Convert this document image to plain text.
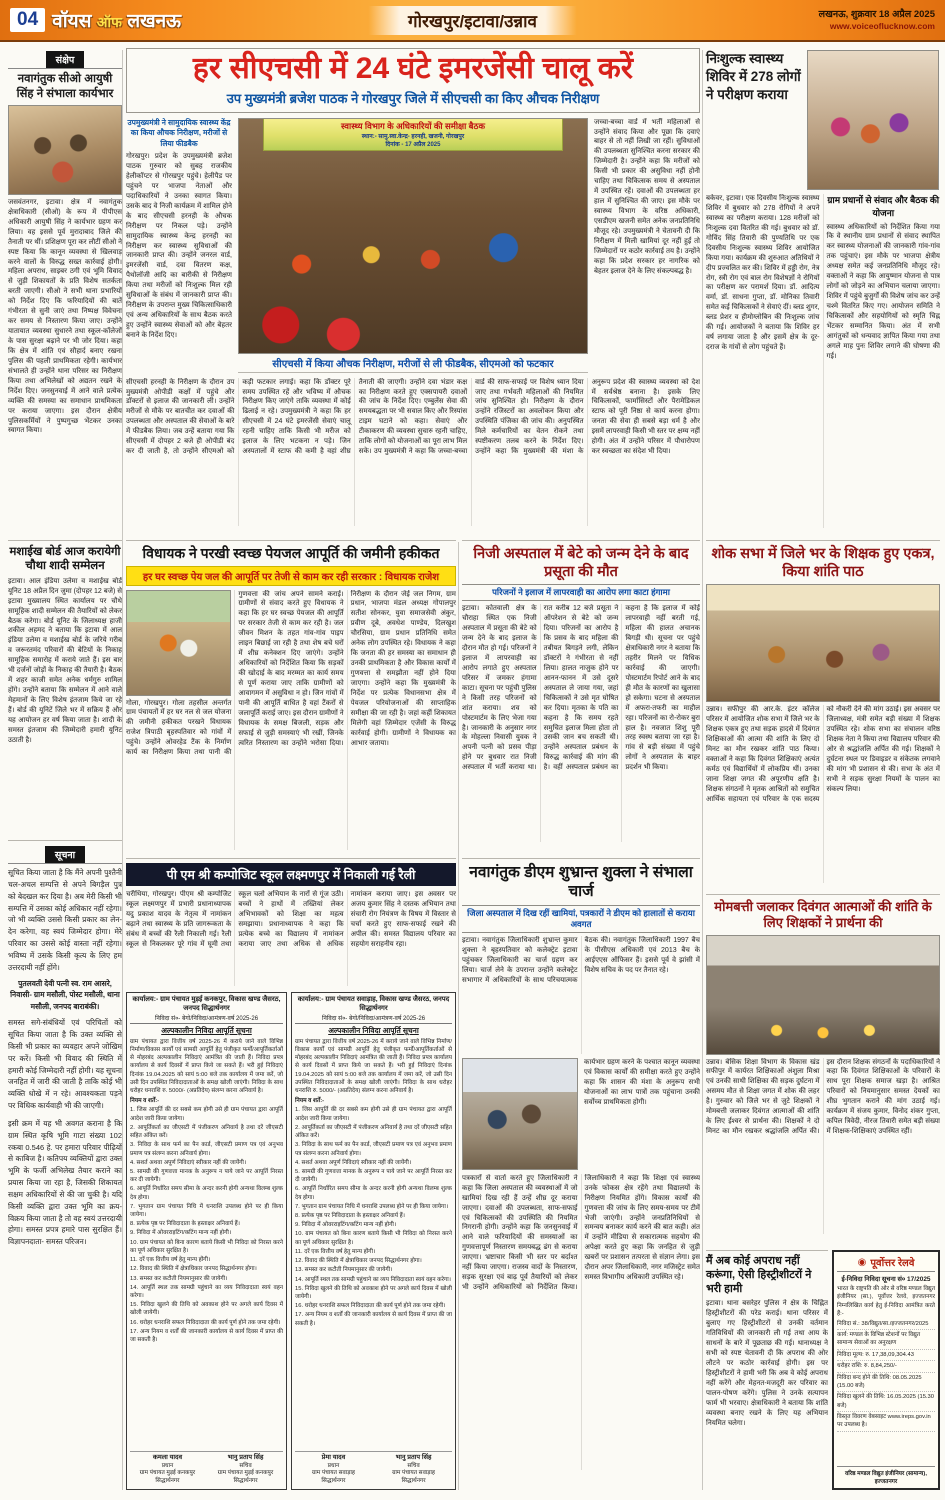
04 वॉयस ऑफ लखनऊ	गोरखपुर/इटावा/उन्नाव	लखनऊ, शुक्रवार 18 अप्रैल 2025
www.voiceoflucknow.com
संक्षेप
नवागंतुक सीओ आयुषी सिंह ने संभाला कार्यभार
जसवंतनगर, इटावा। क्षेत्र में नवागंतुक क्षेत्राधिकारी (सीओ) के रूप में पीपीएस अधिकारी आयुषी सिंह ने कार्यभार ग्रहण कर लिया। वह इससे पूर्व मुरादाबाद जिले की तैनाती पर थीं। प्रशिक्षण पूरा कर लौटीं सीओ ने स्पष्ट किया कि कानून व्यवस्था से खिलवाड़ करने वालों के विरुद्ध सख्त कार्रवाई होगी। महिला अपराध, साइबर ठगी एवं भूमि विवाद से जुड़ी शिकायतों के प्रति विशेष सतर्कता बरती जाएगी। सीओ ने सभी थाना प्रभारियों को निर्देश दिए कि फरियादियों की बातें गंभीरता से सुनी जाएं तथा निष्पक्ष विवेचना कर समय से निस्तारण किया जाए। उन्होंने यातायात व्यवस्था सुधारने तथा स्कूल-कॉलेजों के पास सुरक्षा बढ़ाने पर भी जोर दिया। कहा कि क्षेत्र में शांति एवं सौहार्द बनाए रखना पुलिस की पहली प्राथमिकता रहेगी। कार्यभार संभालते ही उन्होंने थाना परिसर का निरीक्षण किया तथा अभिलेखों को अद्यतन रखने के निर्देश दिए। जनसुनवाई में आने वाले प्रत्येक व्यक्ति की समस्या का समाधान प्राथमिकता पर कराया जाएगा। इस दौरान क्षेत्रीय पुलिसकर्मियों ने पुष्पगुच्छ भेंटकर उनका स्वागत किया।
मशाईख बोर्ड आज करायेगी चौथा शादी सम्मेलन
इटावा। आल इंडिया उलेमा व मशाईख बोर्ड यूनिट 18 अप्रैल दिन जुमा (दोपहर 12 बजे) से इटावा मुख्यालय स्थित कार्यालय पर चौथे सामूहिक शादी सम्मेलन की तैयारियों को लेकर बैठक करेगा। बोर्ड यूनिट के जिलाध्यक्ष हाजी शकील अहमद ने बताया कि इटावा में आल इंडिया उलेमा व मशाईख बोर्ड के जरिये गरीब व जरूरतमंद परिवारों की बेटियों के निकाह सामूहिक समारोह में कराये जाते हैं। इस बार भी दर्जनों जोड़ों के निकाह की तैयारी है। बैठक में शहर काजी समेत अनेक धर्मगुरु शामिल होंगे। उन्होंने बताया कि सम्मेलन में आने वाले मेहमानों के लिए विशेष इंतजाम किये जा रहे हैं। बोर्ड की यूनिटें जिले भर में सक्रिय हैं और यह आयोजन हर वर्ष किया जाता है। शादी के समस्त इंतजाम की जिम्मेदारी हमारी यूनिट उठाती है।
सूचना
सूचित किया जाता है कि मैंने अपनी पुश्तैनी चल-अचल सम्पत्ति से अपने बिगड़ैल पुत्र को बेदखल कर दिया है। अब मेरी किसी भी सम्पत्ति में उसका कोई अधिकार नहीं रहेगा। जो भी व्यक्ति उससे किसी प्रकार का लेन-देन करेगा, वह स्वयं जिम्मेदार होगा। मेरे परिवार का उससे कोई वास्ता नहीं रहेगा। भविष्य में उसके किसी कृत्य के लिए हम उत्तरदायी नहीं होंगे।
पुतलवती देवी पत्नी स्व. राम आसरे, निवासी- ग्राम मसौली, पोस्ट मसौली, थाना मसौली, जनपद बाराबंकी।
समस्त सगे-संबंधियों एवं परिचितों को सूचित किया जाता है कि उक्त व्यक्ति से किसी भी प्रकार का व्यवहार अपने जोखिम पर करें। किसी भी विवाद की स्थिति में हमारी कोई जिम्मेदारी नहीं होगी। यह सूचना जनहित में जारी की जाती है ताकि कोई भी व्यक्ति धोखे में न रहे। आवश्यकता पड़ने पर विधिक कार्यवाही भी की जाएगी।
इसी क्रम में यह भी अवगत कराना है कि ग्राम स्थित कृषि भूमि गाटा संख्या 102 रकबा 0.546 हे. पर हमारा परिवार पीढ़ियों से काबिज है। कतिपय व्यक्तियों द्वारा उक्त भूमि के फर्जी अभिलेख तैयार कराने का प्रयास किया जा रहा है, जिसकी शिकायत सक्षम अधिकारियों से की जा चुकी है। यदि किसी व्यक्ति द्वारा उक्त भूमि का क्रय-विक्रय किया जाता है तो वह स्वयं उत्तरदायी होगा। समस्त प्रपत्र हमारे पास सुरक्षित हैं। विज्ञापनदाता- समस्त परिजन।
हर सीएचसी में 24 घंटे इमरजेंसी चालू करें
उप मुख्यमंत्री ब्रजेश पाठक ने गोरखपुर जिले में सीएचसी का किए औचक निरीक्षण
उपमुख्यमंत्री ने सामुदायिक स्वास्थ्य केंद्र का किया औचक निरीक्षण, मरीजों से लिया फीडबैक
गोरखपुर। प्रदेश के उपमुख्यमंत्री ब्रजेश पाठक गुरुवार को सुबह राजकीय हेलीकॉप्टर से गोरखपुर पहुंचे। हेलीपैड पर पहुंचने पर भाजपा नेताओं और पदाधिकारियों ने उनका स्वागत किया। उसके बाद वे निजी कार्यक्रम में शामिल होने के बाद सीएचसी हरनही के औचक निरीक्षण पर निकल पड़े। उन्होंने सामुदायिक स्वास्थ्य केन्द्र हरनही का निरीक्षण कर स्वास्थ्य सुविधाओं की जानकारी प्राप्त की। उन्होंने जनरल वार्ड, इमरजेंसी वार्ड, दवा वितरण कक्ष, पैथोलॉजी आदि का बारीकी से निरीक्षण किया तथा मरीजों को निःशुल्क मिल रही सुविधाओं के संबंध में जानकारी प्राप्त की। निरीक्षण के उपरान्त मुख्य चिकित्साधिकारी एवं अन्य अधिकारियों के साथ बैठक करते हुए उन्होंने स्वास्थ्य सेवाओं को और बेहतर बनाने के निर्देश दिए।
स्वास्थ्य विभाग के अधिकारियों की समीक्षा बैठक
स्थान:- सामु.स्वा.केन्द्र- हरनही, खजनी, गोरखपुर
दिनांक - 17 अप्रैल 2025
सीएचसी में किया औचक निरीक्षण, मरीजों से ली फीडबैक, सीएमओ को फटकार
जच्चा-बच्चा वार्ड में भर्ती महिलाओं से उन्होंने संवाद किया और पूछा कि दवाएं बाहर से तो नहीं लिखी जा रहीं। सुविधाओं की उपलब्धता सुनिश्चित करना सरकार की जिम्मेदारी है। उन्होंने कहा कि मरीजों को किसी भी प्रकार की असुविधा नहीं होनी चाहिए तथा चिकित्सक समय से अस्पताल में उपस्थित रहें। दवाओं की उपलब्धता हर हाल में सुनिश्चित की जाए। इस मौके पर स्वास्थ्य विभाग के वरिष्ठ अधिकारी, एसडीएम खजनी समेत अनेक जनप्रतिनिधि मौजूद रहे। उपमुख्यमंत्री ने चेतावनी दी कि निरीक्षण में मिली खामियां दूर नहीं हुईं तो जिम्मेदारों पर कठोर कार्रवाई तय है। उन्होंने कहा कि प्रदेश सरकार हर नागरिक को बेहतर इलाज देने के लिए संकल्पबद्ध है।
सीएचसी हरनही के निरीक्षण के दौरान उप मुख्यमंत्री ओपीडी कक्षों में पहुंचे और डॉक्टरों से इलाज की जानकारी ली। उन्होंने मरीजों से मौके पर बातचीत कर दवाओं की उपलब्धता और अस्पताल की सेवाओं के बारे में फीडबैक लिया। जब उन्हें बताया गया कि सीएचसी में दोपहर 2 बजे ही ओपीडी बंद कर दी जाती है, तो उन्होंने सीएमओ को कड़ी फटकार लगाई। कहा कि डॉक्टर पूरे समय उपस्थित रहें और भविष्य में औचक निरीक्षण किए जाएंगे ताकि व्यवस्था में कोई ढिलाई न रहे। उपमुख्यमंत्री ने कहा कि हर सीएचसी में 24 घंटे इमरजेंसी सेवाएं चालू रहनी चाहिए ताकि किसी भी मरीज को इलाज के लिए भटकना न पड़े। जिन अस्पतालों में स्टाफ की कमी है वहां शीघ्र तैनाती की जाएगी। उन्होंने दवा भंडार कक्ष का निरीक्षण करते हुए एक्सपायरी दवाओं की जांच के निर्देश दिए। एम्बुलेंस सेवा की समयबद्धता पर भी सवाल किए और रिस्पांस टाइम घटाने को कहा। सेवाएं और टीकाकरण की व्यवस्था सुचारु रहनी चाहिए, ताकि लोगों को योजनाओं का पूरा लाभ मिल सके। उप मुख्यमंत्री ने कहा कि जच्चा-बच्चा वार्ड की साफ-सफाई पर विशेष ध्यान दिया जाए तथा गर्भवती महिलाओं की नियमित जांच सुनिश्चित हो। निरीक्षण के दौरान उन्होंने रजिस्टरों का अवलोकन किया और उपस्थिति पंजिका की जांच की। अनुपस्थित मिले कर्मचारियों का वेतन रोकने तथा स्पष्टीकरण तलब करने के निर्देश दिए। उन्होंने कहा कि मुख्यमंत्री की मंशा के अनुरूप प्रदेश की स्वास्थ्य व्यवस्था को देश में सर्वश्रेष्ठ बनाना है। इसके लिए चिकित्सकों, फार्मासिस्टों और पैरामेडिकल स्टाफ को पूरी निष्ठा से कार्य करना होगा। जनता की सेवा ही सबसे बड़ा धर्म है और इसमें लापरवाही किसी भी स्तर पर क्षम्य नहीं होगी। अंत में उन्होंने परिसर में पौधारोपण कर स्वच्छता का संदेश भी दिया।
निःशुल्क स्वास्थ्य शिविर में 278 लोगों ने परीक्षण कराया
बकेवर, इटावा। एक दिवसीय निःशुल्क स्वास्थ्य शिविर में बुधवार को 278 रोगियों ने अपने स्वास्थ्य का परीक्षण कराया। 128 मरीजों को निःशुल्क दवा वितरित की गई। बुधवार को डॉ. गोविंद सिंह तिवारी की पुण्यतिथि पर एक दिवसीय निःशुल्क स्वास्थ्य शिविर आयोजित किया गया। कार्यक्रम की शुरुआत अतिथियों ने दीप प्रज्वलित कर की। शिविर में हड्डी रोग, नेत्र रोग, स्त्री रोग एवं बाल रोग विशेषज्ञों ने रोगियों का परीक्षण कर परामर्श दिया। डॉ. आदित्य वर्मा, डॉ. साधना गुप्ता, डॉ. मोनिका तिवारी समेत कई चिकित्सकों ने सेवाएं दीं। ब्लड शुगर, ब्लड प्रेशर व हीमोग्लोबिन की निःशुल्क जांच की गई। आयोजकों ने बताया कि शिविर हर वर्ष लगाया जाता है और इसमें क्षेत्र के दूर-दराज के गांवों से लोग पहुंचते हैं।
ग्राम प्रधानों से संवाद और बैठक की योजना
स्वास्थ्य अधिकारियों को निर्देशित किया गया कि वे स्थानीय ग्राम प्रधानों से संवाद स्थापित कर स्वास्थ्य योजनाओं की जानकारी गांव-गांव तक पहुंचाएं। इस मौके पर भाजपा क्षेत्रीय अध्यक्ष समेत कई जनप्रतिनिधि मौजूद रहे। वक्ताओं ने कहा कि आयुष्मान योजना से पात्र लोगों को जोड़ने का अभियान चलाया जाएगा। शिविर में पहुंचे बुजुर्गों की विशेष जांच कर उन्हें चश्मे वितरित किए गए। आयोजन समिति ने चिकित्सकों और सहयोगियों को स्मृति चिह्न भेंटकर सम्मानित किया। अंत में सभी आगंतुकों को धन्यवाद ज्ञापित किया गया तथा अगले माह पुनः शिविर लगाने की घोषणा की गई।
शोक सभा में जिले भर के शिक्षक हुए एकत्र, किया शांति पाठ
उन्नाव। सफीपुर की आर.के. इंटर कॉलेज परिसर में आयोजित शोक सभा में जिले भर के शिक्षक एकत्र हुए तथा सड़क हादसे में दिवंगत शिक्षिकाओं की आत्मा की शांति के लिए दो मिनट का मौन रखकर शांति पाठ किया। वक्ताओं ने कहा कि दिवंगत शिक्षिकाएं अत्यंत कर्मठ एवं विद्यार्थियों में लोकप्रिय थीं। उनका जाना शिक्षा जगत की अपूरणीय क्षति है। शिक्षक संगठनों ने मृतक आश्रितों को समुचित आर्थिक सहायता एवं परिवार के एक सदस्य को नौकरी देने की मांग उठाई। इस अवसर पर जिलाध्यक्ष, मंत्री समेत बड़ी संख्या में शिक्षक उपस्थित रहे। शोक सभा का संचालन वरिष्ठ शिक्षक नेता ने किया तथा विद्यालय परिवार की ओर से श्रद्धांजलि अर्पित की गई। शिक्षकों ने दुर्घटना स्थल पर डिवाइडर व संकेतक लगवाने की मांग भी प्रशासन से की। सभा के अंत में सभी ने सड़क सुरक्षा नियमों के पालन का संकल्प लिया।
विधायक ने परखी स्वच्छ पेयजल आपूर्ति की जमीनी हकीकत
हर घर स्वच्छ पेय जल की आपूर्ति पर तेजी से काम कर रही सरकार : विधायक राजेश
गोला, गोरखपुर। गोला तहसील अन्तर्गत ग्राम पंचायतों में हर घर नल से जल योजना की जमीनी हकीकत परखने विधायक राजेश त्रिपाठी बृहस्पतिवार को गांवों में पहुंचे। उन्होंने ओवरहेड टैंक के निर्माण कार्य का निरीक्षण किया तथा पानी की गुणवत्ता की जांच अपने सामने कराई। ग्रामीणों से संवाद करते हुए विधायक ने कहा कि हर घर स्वच्छ पेयजल की आपूर्ति पर सरकार तेजी से काम कर रही है। जल जीवन मिशन के तहत गांव-गांव पाइप लाइन बिछाई जा रही है तथा शेष बचे घरों में शीघ्र कनेक्शन दिए जाएंगे। उन्होंने अधिकारियों को निर्देशित किया कि सड़कों की खोदाई के बाद मरम्मत का कार्य समय से पूर्ण कराया जाए ताकि ग्रामीणों को आवागमन में असुविधा न हो। जिन गांवों में पानी की आपूर्ति बाधित है वहां टैंकरों से जलापूर्ति कराई जाए। इस दौरान ग्रामीणों ने विधायक के समक्ष बिजली, सड़क और सफाई से जुड़ी समस्याएं भी रखीं, जिनके त्वरित निस्तारण का उन्होंने भरोसा दिया। निरीक्षण के दौरान जेई जल निगम, ग्राम प्रधान, भाजपा मंडल अध्यक्ष गोपालपुर सतीश सोनकर, युवा समाजसेवी अंकुर, प्रवीण दूबे, अवधेश पाण्डेय, दिलखुश चौरसिया, ग्राम प्रधान प्रतिनिधि समेत अनेक लोग उपस्थित रहे। विधायक ने कहा कि जनता की हर समस्या का समाधान ही उनकी प्राथमिकता है और विकास कार्यों में गुणवत्ता से समझौता नहीं होने दिया जाएगा। उन्होंने कहा कि मुख्यमंत्री के निर्देश पर प्रत्येक विधानसभा क्षेत्र में पेयजल परियोजनाओं की साप्ताहिक समीक्षा की जा रही है। जहां कहीं शिकायत मिलेगी वहां जिम्मेदार एजेंसी के विरुद्ध कार्रवाई होगी। ग्रामीणों ने विधायक का आभार जताया।
निजी अस्पताल में बेटे को जन्म देने के बाद प्रसूता की मौत
परिजनों ने इलाज में लापरवाही का आरोप लगा काटा हंगामा
इटावा। कोतवाली क्षेत्र के चौराहा स्थित एक निजी अस्पताल में प्रसूता की बेटे को जन्म देने के बाद इलाज के दौरान मौत हो गई। परिजनों ने इलाज में लापरवाही का आरोप लगाते हुए अस्पताल परिसर में जमकर हंगामा काटा। सूचना पर पहुंची पुलिस ने किसी तरह परिजनों को शांत कराया। शव को पोस्टमार्टम के लिए भेजा गया है। जानकारी के अनुसार नगर के मोहल्ला निवासी युवक ने अपनी पत्नी को प्रसव पीड़ा होने पर बुधवार रात निजी अस्पताल में भर्ती कराया था। रात करीब 12 बजे प्रसूता ने ऑपरेशन से बेटे को जन्म दिया। परिजनों का आरोप है कि प्रसव के बाद महिला की तबीयत बिगड़ने लगी, लेकिन डॉक्टरों ने गंभीरता से नहीं लिया। हालत नाजुक होने पर आनन-फानन में उसे दूसरे अस्पताल ले जाया गया, जहां चिकित्सकों ने उसे मृत घोषित कर दिया। मृतका के पति का कहना है कि समय रहते समुचित इलाज मिला होता तो उसकी जान बच सकती थी। उन्होंने अस्पताल प्रबंधन के विरुद्ध कार्रवाई की मांग की है। वहीं अस्पताल प्रबंधन का कहना है कि इलाज में कोई लापरवाही नहीं बरती गई, महिला की हालत अचानक बिगड़ी थी। सूचना पर पहुंचे क्षेत्राधिकारी नगर ने बताया कि तहरीर मिलने पर विधिक कार्रवाई की जाएगी। पोस्टमार्टम रिपोर्ट आने के बाद ही मौत के कारणों का खुलासा हो सकेगा। घटना से अस्पताल में अफरा-तफरी का माहौल रहा। परिजनों का रो-रोकर बुरा हाल है। नवजात शिशु पूरी तरह स्वस्थ बताया जा रहा है। गांव से बड़ी संख्या में पहुंचे लोगों ने अस्पताल के बाहर प्रदर्शन भी किया।
पी एम श्री कम्पोजिट स्कूल लक्ष्मणपुर में निकाली गई रैली
चरीथिया, गोरखपुर। पीएम श्री कम्पोजिट स्कूल लक्ष्मणपुर में प्रभारी प्रधानाध्यापक यदु प्रकाश यादव के नेतृत्व में नामांकन बढ़ाने तथा स्वास्थ्य के प्रति जागरूकता के संबंध में बच्चों की रैली निकाली गई। रैली स्कूल से निकलकर पूरे गांव में घूमी तथा स्कूल चलो अभियान के नारों से गूंज उठी। बच्चों ने हाथों में तख्तियां लेकर अभिभावकों को शिक्षा का महत्व समझाया। प्रधानाध्यापक ने कहा कि प्रत्येक बच्चे का विद्यालय में नामांकन कराया जाए तथा अधिक से अधिक नामांकन कराया जाए। इस अवसर पर अजय कुमार सिंह ने दस्तक अभियान तथा संचारी रोग नियंत्रण के विषय में विस्तार से चर्चा करते हुए साफ-सफाई रखने की अपील की। समस्त विद्यालय परिवार का सहयोग सराहनीय रहा।
नवागंतुक डीएम शुभ्रान्त शुक्ला ने संभाला चार्ज
जिला अस्पताल में दिख रहीं खामियां, पत्रकारों ने डीएम को हालातों से कराया अवगत
इटावा। नवागंतुक जिलाधिकारी शुभ्रान्त कुमार शुक्ला ने बृहस्पतिवार को कलेक्ट्रेट इटावा पहुंचकर जिलाधिकारी का चार्ज ग्रहण कर लिया। चार्ज लेने के उपरान्त उन्होंने कलेक्ट्रेट सभागार में अधिकारियों के साथ परिचयात्मक बैठक की। नवागंतुक जिलाधिकारी 1997 बैच के पीसीएस अधिकारी एवं 2013 बैच के आईएएस ऑफिसर हैं। इससे पूर्व वे झांसी में विशेष सचिव के पद पर तैनात रहे।
कार्यभार ग्रहण करने के पश्चात कानून व्यवस्था एवं विकास कार्यों की समीक्षा करते हुए उन्होंने कहा कि शासन की मंशा के अनुरूप सभी योजनाओं का लाभ पात्रों तक पहुंचाना उनकी सर्वोच्च प्राथमिकता होगी।
पत्रकारों से वार्ता करते हुए जिलाधिकारी ने कहा कि जिला अस्पताल की व्यवस्थाओं में जो खामियां दिख रही हैं उन्हें शीघ्र दूर कराया जाएगा। दवाओं की उपलब्धता, साफ-सफाई एवं चिकित्सकों की उपस्थिति की नियमित निगरानी होगी। उन्होंने कहा कि जनसुनवाई में आने वाले फरियादियों की समस्याओं का गुणवत्तापूर्ण निस्तारण समयबद्ध ढंग से कराया जाएगा। भ्रष्टाचार किसी भी स्तर पर बर्दाश्त नहीं किया जाएगा। राजस्व वादों के निस्तारण, सड़क सुरक्षा एवं बाढ़ पूर्व तैयारियों को लेकर भी उन्होंने अधिकारियों को निर्देशित किया। जिलाधिकारी ने कहा कि शिक्षा एवं स्वास्थ्य उनके फोकस क्षेत्र रहेंगे तथा विद्यालयों के निरीक्षण नियमित होंगे। विकास कार्यों की गुणवत्ता की जांच के लिए समय-समय पर टीमें भेजी जाएंगी। उन्होंने जनप्रतिनिधियों से समन्वय बनाकर कार्य करने की बात कही। अंत में उन्होंने मीडिया से सकारात्मक सहयोग की अपेक्षा करते हुए कहा कि जनहित से जुड़ी खबरों पर प्रशासन तत्परता से संज्ञान लेगा। इस दौरान अपर जिलाधिकारी, नगर मजिस्ट्रेट समेत समस्त विभागीय अधिकारी उपस्थित रहे।
मोमबत्ती जलाकर दिवंगत आत्माओं की शांति के लिए शिक्षकों ने प्रार्थना की
उन्नाव। बेसिक शिक्षा विभाग के विकास खंड सफीपुर में कार्यरत शिक्षिकाओं अंशुला मिश्रा एवं उनकी साथी शिक्षिका की सड़क दुर्घटना में असमय मौत से शिक्षा जगत में शोक की लहर है। गुरुवार को जिले भर से जुटे शिक्षकों ने मोमबत्ती जलाकर दिवंगत आत्माओं की शांति के लिए ईश्वर से प्रार्थना की। शिक्षकों ने दो मिनट का मौन रखकर श्रद्धांजलि अर्पित की। इस दौरान शिक्षक संगठनों के पदाधिकारियों ने कहा कि दिवंगत शिक्षिकाओं के परिवारों के साथ पूरा शिक्षक समाज खड़ा है। आश्रित परिवारों को नियमानुसार समस्त देयकों का शीघ्र भुगतान कराने की मांग उठाई गई। कार्यक्रम में संजय कुमार, विनोद शंकर गुप्ता, कपिल त्रिवेदी, नीरज तिवारी समेत बड़ी संख्या में शिक्षक-शिक्षिकाएं उपस्थित रहीं।
मैं अब कोई अपराध नहीं करूंगा, ऐसी हिस्ट्रीशीटरों ने भरी हामी
इटावा। थाना बसरेहर पुलिस ने क्षेत्र के चिह्नित हिस्ट्रीशीटरों की परेड कराई। थाना परिसर में बुलाए गए हिस्ट्रीशीटरों से उनकी वर्तमान गतिविधियों की जानकारी ली गई तथा आय के साधनों के बारे में पूछताछ की गई। थानाध्यक्ष ने सभी को स्पष्ट चेतावनी दी कि अपराध की ओर लौटने पर कठोर कार्रवाई होगी। इस पर हिस्ट्रीशीटरों ने हामी भरी कि अब वे कोई अपराध नहीं करेंगे और मेहनत-मजदूरी कर परिवार का पालन-पोषण करेंगे। पुलिस ने उनके सत्यापन फार्म भी भरवाए। क्षेत्राधिकारी ने बताया कि शांति व्यवस्था बनाए रखने के लिए यह अभियान नियमित चलेगा।
◉ पूर्वोत्तर रेलवे
ई-निविदा निविदा सूचना सं० 17/2025
भारत के राष्ट्रपति की ओर से वरिष्ठ मण्डल विद्युत इंजीनियर (सा.), पूर्वोत्तर रेलवे, इज्जतनगर निम्नलिखित कार्य हेतु ई-निविदा आमंत्रित करते हैं:-
निविदा सं.: 38/विद्युत/सा./इज्जतनगर/2025
कार्य: मण्डल के विभिन्न स्टेशनों पर विद्युत सामान्य सेवाओं का अनुरक्षण
निविदा मूल्य: रु. 17,38,09,304.43
धरोहर राशि: रु. 8,84,250/-
निविदा बन्द होने की तिथि: 08.05.2025 (15.00 बजे)
निविदा खुलने की तिथि: 16.05.2025 (15.30 बजे)
विस्तृत विवरण वेबसाइट www.ireps.gov.in पर उपलब्ध है।
वरिष्ठ मण्डल विद्युत इंजीनियर (सामान्य), इज्जतनगर
कार्यालय:- ग्राम पंचायत मुड़ई कनकपुर, विकास खण्ड जैसरठ, जनपद सिद्धार्थनगर
निविदा सं०- बेगो/निविदा/आमंत्रण-वर्ष 2025-26
अल्पकालीन निविदा आपूर्ति सूचना
ग्राम पंचायत द्वारा वित्तीय वर्ष 2025-26 में कराये जाने वाले विभिन्न निर्माण/विकास कार्यों एवं सामग्री आपूर्ति हेतु पंजीकृत फर्मों/आपूर्तिकर्ताओं से मोहरबंद अल्पकालीन निविदाएं आमंत्रित की जाती हैं। निविदा प्रपत्र कार्यालय से कार्य दिवसों में प्राप्त किये जा सकते हैं। भरी हुई निविदाएं दिनांक 19.04.2025 को सायं 5:00 बजे तक कार्यालय में जमा करें, जो उसी दिन उपस्थित निविदादाताओं के समक्ष खोली जाएंगी। निविदा के साथ धरोहर धनराशि रु. 5000/- (अप्रतिदेय) संलग्न करना अनिवार्य है।
नियम व शर्तें:-
1. जिस आपूर्ति की दर सबसे कम होगी उसे ही ग्राम पंचायत द्वारा आपूर्ति आदेश जारी किया जायेगा।
2. आपूर्तिकर्ता का जीएसटी में पंजीकरण अनिवार्य है तथा दरें जीएसटी सहित अंकित करें।
3. निविदा के साथ फर्म का पैन कार्ड, जीएसटी प्रमाण पत्र एवं अनुभव प्रमाण पत्र संलग्न करना अनिवार्य होगा।
4. सशर्त अथवा अपूर्ण निविदाएं स्वीकार नहीं की जायेंगी।
5. सामग्री की गुणवत्ता मानक के अनुरूप न पाये जाने पर आपूर्ति निरस्त कर दी जायेगी।
6. आपूर्ति निर्धारित समय सीमा के अन्दर करनी होगी अन्यथा विलम्ब शुल्क देय होगा।
7. भुगतान ग्राम पंचायत निधि में धनराशि उपलब्ध होने पर ही किया जायेगा।
8. प्रत्येक पृष्ठ पर निविदादाता के हस्ताक्षर अनिवार्य हैं।
9. निविदा में ओवरराइटिंग/कटिंग मान्य नहीं होगी।
10. ग्राम पंचायत को बिना कारण बताये किसी भी निविदा को निरस्त करने का पूर्ण अधिकार सुरक्षित है।
11. दरें एक वित्तीय वर्ष हेतु मान्य होंगी।
12. विवाद की स्थिति में क्षेत्राधिकार जनपद सिद्धार्थनगर होगा।
13. समस्त कर कटौती नियमानुसार की जायेगी।
14. आपूर्ति स्थल तक सामग्री पहुंचाने का व्यय निविदादाता स्वयं वहन करेगा।
15. निविदा खुलने की तिथि को अवकाश होने पर अगले कार्य दिवस में खोली जायेगी।
16. धरोहर धनराशि सफल निविदादाता की कार्य पूर्ण होने तक जमा रहेगी।
17. अन्य नियम व शर्तों की जानकारी कार्यालय से कार्य दिवस में प्राप्त की जा सकती है।
कमला यादव
प्रधान
ग्राम पंचायत मुड़ई कनकपुर
सिद्धार्थनगर
भानु प्रताप सिंह
सचिव
ग्राम पंचायत मुड़ई कनकपुर
सिद्धार्थनगर
कार्यालय:- ग्राम पंचायत सवाड़ाह, विकास खण्ड जैसरठ, जनपद सिद्धार्थनगर
निविदा सं०- बेगो/निविदा/आमंत्रण-वर्ष 2025-26
अल्पकालीन निविदा आपूर्ति सूचना
ग्राम पंचायत द्वारा वित्तीय वर्ष 2025-26 में कराये जाने वाले विभिन्न निर्माण/विकास कार्यों एवं सामग्री आपूर्ति हेतु पंजीकृत फर्मों/आपूर्तिकर्ताओं से मोहरबंद अल्पकालीन निविदाएं आमंत्रित की जाती हैं। निविदा प्रपत्र कार्यालय से कार्य दिवसों में प्राप्त किये जा सकते हैं। भरी हुई निविदाएं दिनांक 19.04.2025 को सायं 5:00 बजे तक कार्यालय में जमा करें, जो उसी दिन उपस्थित निविदादाताओं के समक्ष खोली जाएंगी। निविदा के साथ धरोहर धनराशि रु. 5000/- (अप्रतिदेय) संलग्न करना अनिवार्य है।
नियम व शर्तें:-
1. जिस आपूर्ति की दर सबसे कम होगी उसे ही ग्राम पंचायत द्वारा आपूर्ति आदेश जारी किया जायेगा।
2. आपूर्तिकर्ता का जीएसटी में पंजीकरण अनिवार्य है तथा दरें जीएसटी सहित अंकित करें।
3. निविदा के साथ फर्म का पैन कार्ड, जीएसटी प्रमाण पत्र एवं अनुभव प्रमाण पत्र संलग्न करना अनिवार्य होगा।
4. सशर्त अथवा अपूर्ण निविदाएं स्वीकार नहीं की जायेंगी।
5. सामग्री की गुणवत्ता मानक के अनुरूप न पाये जाने पर आपूर्ति निरस्त कर दी जायेगी।
6. आपूर्ति निर्धारित समय सीमा के अन्दर करनी होगी अन्यथा विलम्ब शुल्क देय होगा।
7. भुगतान ग्राम पंचायत निधि में धनराशि उपलब्ध होने पर ही किया जायेगा।
8. प्रत्येक पृष्ठ पर निविदादाता के हस्ताक्षर अनिवार्य हैं।
9. निविदा में ओवरराइटिंग/कटिंग मान्य नहीं होगी।
10. ग्राम पंचायत को बिना कारण बताये किसी भी निविदा को निरस्त करने का पूर्ण अधिकार सुरक्षित है।
11. दरें एक वित्तीय वर्ष हेतु मान्य होंगी।
12. विवाद की स्थिति में क्षेत्राधिकार जनपद सिद्धार्थनगर होगा।
13. समस्त कर कटौती नियमानुसार की जायेगी।
14. आपूर्ति स्थल तक सामग्री पहुंचाने का व्यय निविदादाता स्वयं वहन करेगा।
15. निविदा खुलने की तिथि को अवकाश होने पर अगले कार्य दिवस में खोली जायेगी।
16. धरोहर धनराशि सफल निविदादाता की कार्य पूर्ण होने तक जमा रहेगी।
17. अन्य नियम व शर्तों की जानकारी कार्यालय से कार्य दिवस में प्राप्त की जा सकती है।
प्रेमा यादव
प्रधान
ग्राम पंचायत सवाड़ाह
सिद्धार्थनगर
भानु प्रताप सिंह
सचिव
ग्राम पंचायत सवाड़ाह
सिद्धार्थनगर
